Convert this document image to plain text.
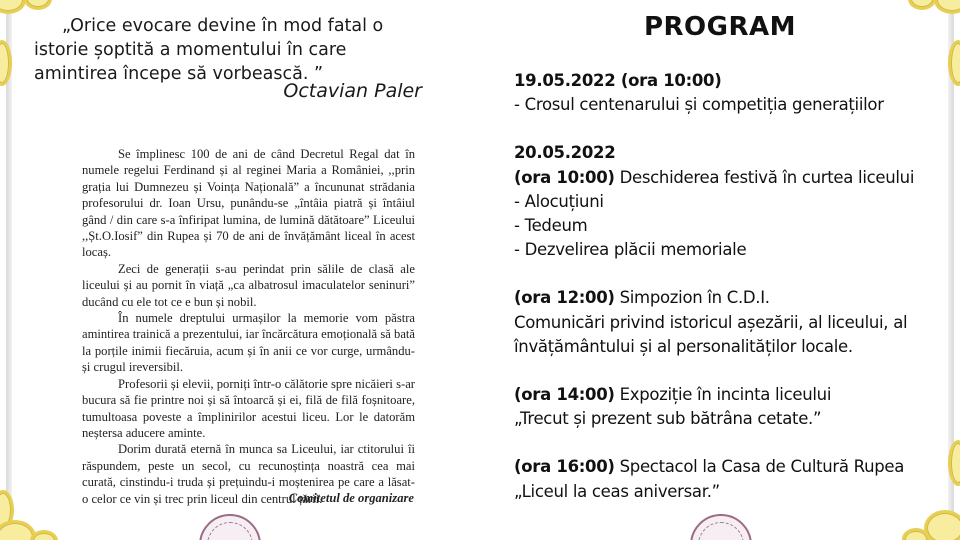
„Orice evocare devine în mod fatal o istorie șoptită a momentului în care amintirea începe să vorbească. ”
Octavian Paler

Se împlinesc 100 de ani de când Decretul Regal dat în numele regelui Ferdinand și al reginei Maria a României, ,,prin grația lui Dumnezeu și Voința Națională” a încununat strădania profesorului dr. Ioan Ursu, punându-se „întâia piatră și întâiul gând / din care s-a înfiripat lumina, de lumină dătătoare” Liceului ,,Șt.O.Iosif” din Rupea și 70 de ani de învățământ liceal în acest locaș.

Zeci de generații s-au perindat prin sălile de clasă ale liceului și au pornit în viață „ca albatrosul imaculatelor seninuri” ducând cu ele tot ce e bun și nobil.

În numele dreptului urmașilor la memorie vom păstra amintirea trainică a prezentului, iar încărcătura emoțională să bată la porțile inimii fiecăruia, acum și în anii ce vor curge, urmându-și crugul ireversibil.

Profesorii și elevii, porniți într-o călătorie spre nicăieri s-ar bucura să fie printre noi și să întoarcă și ei, filă de filă foșnitoare, tumultoasa poveste a împlinirilor acestui liceu. Lor le datorăm neștersa aducere aminte.

Dorim durată eternă în munca sa Liceului, iar ctitorului îi răspundem, peste un secol, cu recunoștința noastră cea mai curată, cinstindu-i truda și prețuindu-i moștenirea pe care a lăsat-o celor ce vin și trec prin liceul din centrul țării.

Comitetul de organizare
PROGRAM
19.05.2022 (ora 10:00)
- Crosul centenarului și competiția generațiilor
20.05.2022
(ora 10:00) Deschiderea festivă în curtea liceului
- Alocuțiuni
- Tedeum
- Dezvelirea plăcii memoriale
(ora 12:00) Simpozion în C.D.I.
Comunicări privind istoricul așezării, al liceului, al
învățământului și al personalităților locale.
(ora 14:00) Expoziție în incinta liceului
„Trecut și prezent sub bătrâna cetate.”
(ora 16:00) Spectacol la Casa de Cultură Rupea
„Liceul la ceas aniversar.”
